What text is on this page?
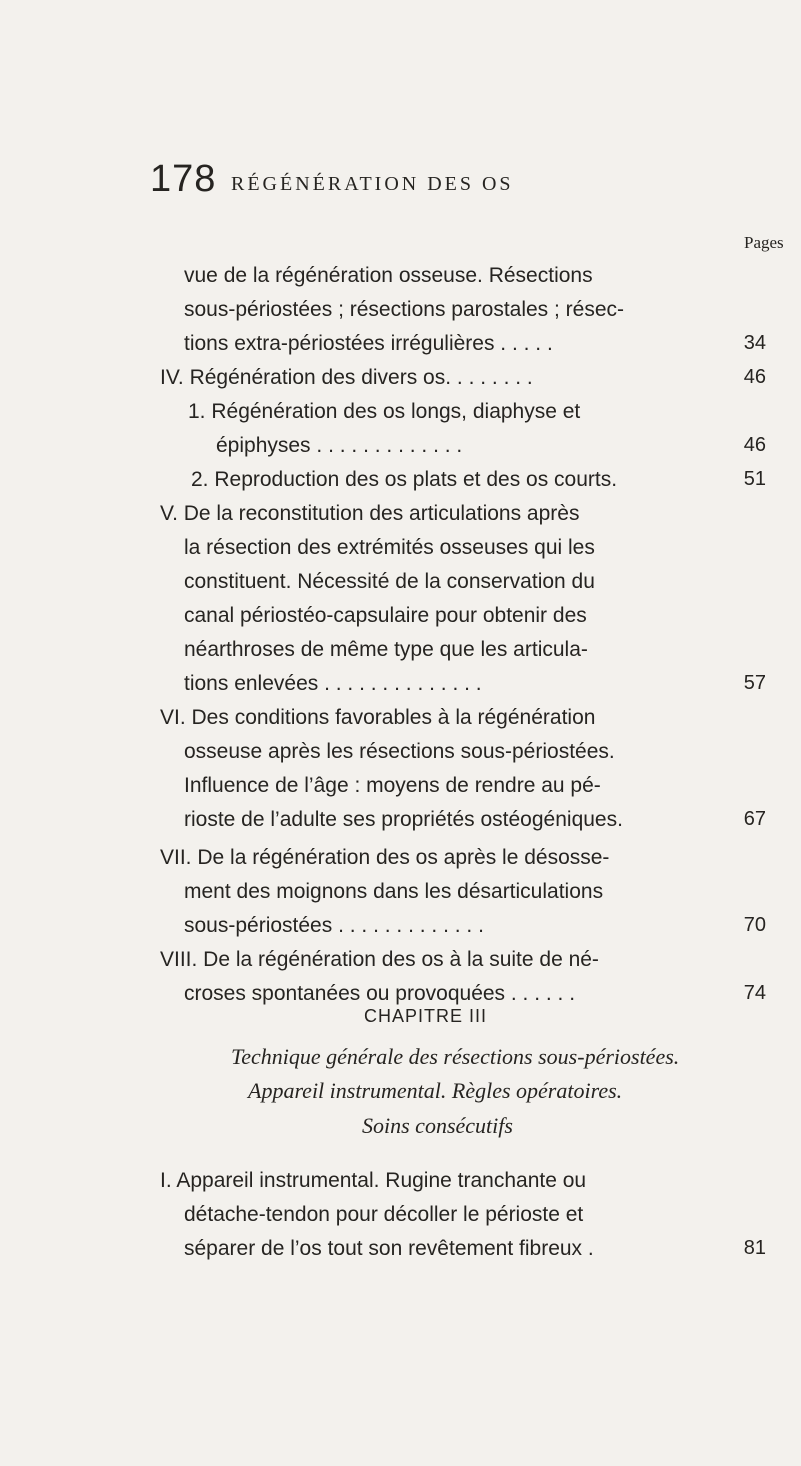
178 RÉGÉNÉRATION DES OS
Pages
vue de la régénération osseuse. Résections
sous-périostées ; résections parostales ; résec-
tions extra-périostées irrégulières . . . . .	34
IV. Régénération des divers os. . . . . . . .	46
1. Régénération des os longs, diaphyse et
épiphyses . . . . . . . . . . . . .	46
2. Reproduction des os plats et des os courts.	51
V. De la reconstitution des articulations après
la résection des extrémités osseuses qui les
constituent. Nécessité de la conservation du
canal périostéo-capsulaire pour obtenir des
néarthroses de même type que les articula-
tions enlevées . . . . . . . . . . . . . .	57
VI. Des conditions favorables à la régénération
osseuse après les résections sous-périostées.
Influence de l’âge : moyens de rendre au pé-
rioste de l’adulte ses propriétés ostéogéniques.	67
VII. De la régénération des os après le désosse-
ment des moignons dans les désarticulations
sous-périostées . . . . . . . . . . . . .	70
VIII. De la régénération des os à la suite de né-
croses spontanées ou provoquées . . . . . .	74
CHAPITRE III
Technique générale des résections sous-périostées.
Appareil instrumental. Règles opératoires.
Soins consécutifs
I. Appareil instrumental. Rugine tranchante ou
détache-tendon pour décoller le périoste et
séparer de l’os tout son revêtement fibreux .	81
